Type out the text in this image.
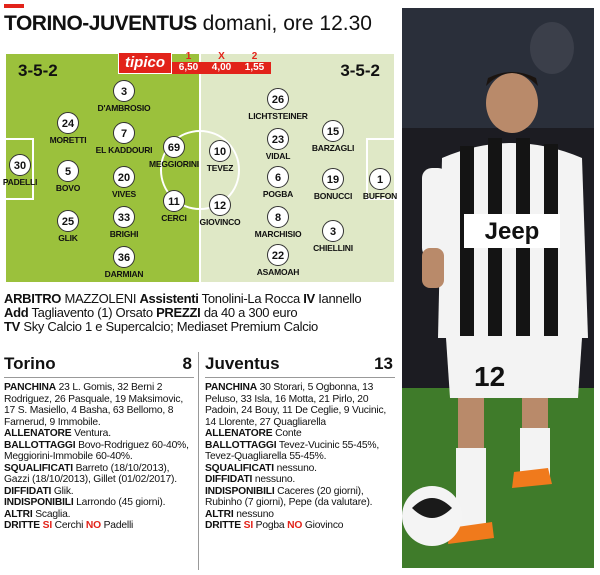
TORINO-JUVENTUS domani, ore 12.30
3-5-2	3-5-2
3
D'AMBROSIO
24
MORETTI	7
EL KADDOURI	69
MEGGIORINI
30
PADELLI
5
BOVO
20
VIVES
11
CERCI
25
GLIK
33
BRIGHI
36
DARMIAN
26
LICHTSTEINER
23
VIDAL
15
BARZAGLI
10
TEVEZ
6
POGBA
19
BONUCCI
1
BUFFON
12
GIOVINCO	8
MARCHISIO	3
CHIELLINI
22
ASAMOAH
tipico	1
6,50
X
4,00
2
1,55
ARBITRO MAZZOLENI Assistenti Tonolini-La Rocca IV Iannello
Add Tagliavento (1) Orsato PREZZI da 40 a 300 euro
TV Sky Calcio 1 e Supercalcio; Mediaset Premium Calcio
Torino	8

PANCHINA 23 L. Gomis, 32 Berni 2 Rodriguez, 26 Pasquale, 19 Maksimovic, 17 S. Masiello, 4 Basha, 63 Bellomo, 8 Farnerud, 9 Immobile.

ALLENATORE Ventura.

BALLOTTAGGI Bovo-Rodriguez 60-40%, Meggiorini-Immobile 60-40%.

SQUALIFICATI Barreto (18/10/2013), Gazzi (18/10/2013), Gillet (01/02/2017).

DIFFIDATI Glik.

INDISPONIBILI Larrondo (45 giorni).

ALTRI Scaglia.

DRITTE SI Cerchi NO Padelli

Juventus	13

PANCHINA 30 Storari, 5 Ogbonna, 13 Peluso, 33 Isla, 16 Motta, 21 Pirlo, 20 Padoin, 24 Bouy, 11 De Ceglie, 9 Vucinic, 14 Llorente, 27 Quagliarella

ALLENATORE Conte

BALLOTTAGGI Tevez-Vucinic 55-45%, Tevez-Quagliarella 55-45%.

SQUALIFICATI nessuno.

DIFFIDATI nessuno.

INDISPONIBILI Caceres (20 giorni), Rubinho (7 giorni), Pepe (da valutare).

ALTRI nessuno

DRITTE SI Pogba NO Giovinco

Jeep
12
